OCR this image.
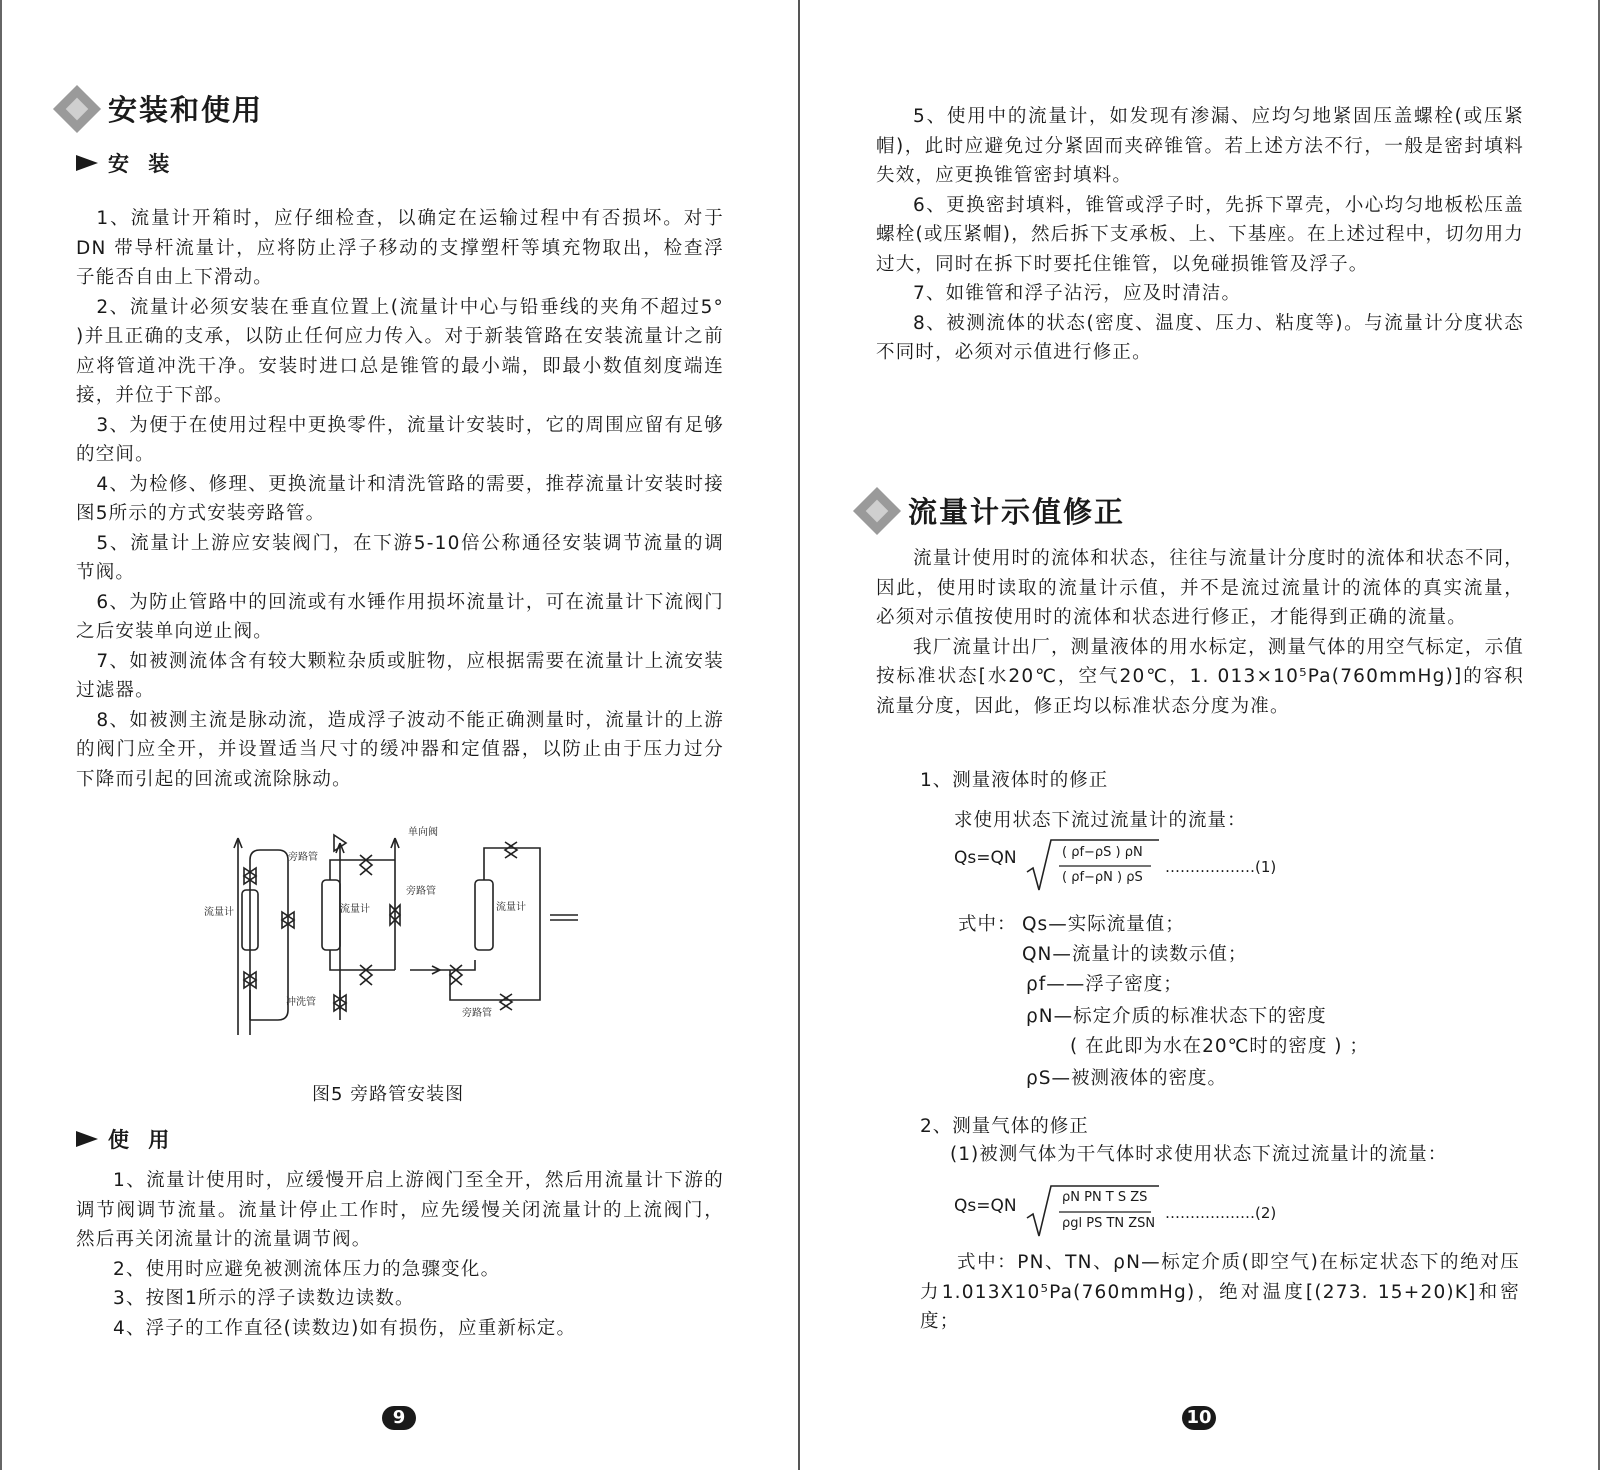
安装和使用
安 装

1、流量计开箱时，应仔细检查，以确定在运输过程中有否损坏。对于 DN 带导杆流量计，应将防止浮子移动的支撑塑杆等填充物取出，检查浮子能否自由上下滑动。

2、流量计必须安装在垂直位置上(流量计中心与铅垂线的夹角不超过5° )并且正确的支承，以防止任何应力传入。对于新装管路在安装流量计之前应将管道冲洗干净。安装时进口总是锥管的最小端，即最小数值刻度端连接，并位于下部。

3、为便于在使用过程中更换零件，流量计安装时，它的周围应留有足够的空间。

4、为检修、修理、更换流量计和清洗管路的需要，推荐流量计安装时接图5所示的方式安装旁路管。

5、流量计上游应安装阀门，在下游5-10倍公称通径安装调节流量的调节阀。

6、为防止管路中的回流或有水锤作用损坏流量计，可在流量计下流阀门之后安装单向逆止阀。

7、如被测流体含有较大颗粒杂质或脏物，应根据需要在流量计上流安装过滤器。

8、如被测主流是脉动流，造成浮子波动不能正确测量时，流量计的上游的阀门应全开，并设置适当尺寸的缓冲器和定值器，以防止由于压力过分下降而引起的回流或流除脉动。

旁路管
流量计
冲洗管
流量计
单向阀
旁路管
流量计
旁路管
图5 旁路管安装图
使 用

1、流量计使用时，应缓慢开启上游阀门至全开，然后用流量计下游的调节阀调节流量。流量计停止工作时，应先缓慢关闭流量计的上流阀门，然后再关闭流量计的流量调节阀。

2、使用时应避免被测流体压力的急骤变化。

3、按图1所示的浮子读数边读数。

4、浮子的工作直径(读数边)如有损伤，应重新标定。

9

5、使用中的流量计，如发现有渗漏、应均匀地紧固压盖螺栓(或压紧帽)，此时应避免过分紧固而夹碎锥管。若上述方法不行，一般是密封填料失效，应更换锥管密封填料。

6、更换密封填料，锥管或浮子时，先拆下罩壳，小心均匀地板松压盖螺栓(或压紧帽)，然后拆下支承板、上、下基座。在上述过程中，切勿用力过大，同时在拆下时要托住锥管，以免碰损锥管及浮子。

7、如锥管和浮子沾污，应及时清洁。

8、被测流体的状态(密度、温度、压力、粘度等)。与流量计分度状态不同时，必须对示值进行修正。

流量计示值修正

流量计使用时的流体和状态，往往与流量计分度时的流体和状态不同，因此，使用时读取的流量计示值，并不是流过流量计的流体的真实流量，必须对示值按使用时的流体和状态进行修正，才能得到正确的流量。

我厂流量计出厂，测量液体的用水标定，测量气体的用空气标定，示值按标准状态[水20℃，空气20℃，1. 013×10⁵Pa(760mmHg)]的容积流量分度，因此，修正均以标准状态分度为准。

1、测量液体时的修正
求使用状态下流过流量计的流量：
Qs=QN	( ρf−ρS ) ρN
( ρf−ρN ) ρS
………………(1)
式中： Qs—实际流量值；
QN—流量计的读数示值；
ρf——浮子密度；
ρN—标定介质的标准状态下的密度
( 在此即为水在20℃时的密度 ) ；
ρS—被测液体的密度。
2、测量气体的修正
(1)被测气体为干气体时求使用状态下流过流量计的流量：
Qs=QN	ρN PN T S ZS
ρgl PS TN ZSN
………………(2)

式中：PN、TN、ρN—标定介质(即空气)在标定状态下的绝对压力1.013X10⁵Pa(760mmHg)，绝对温度[(273. 15+20)K]和密度；

10
